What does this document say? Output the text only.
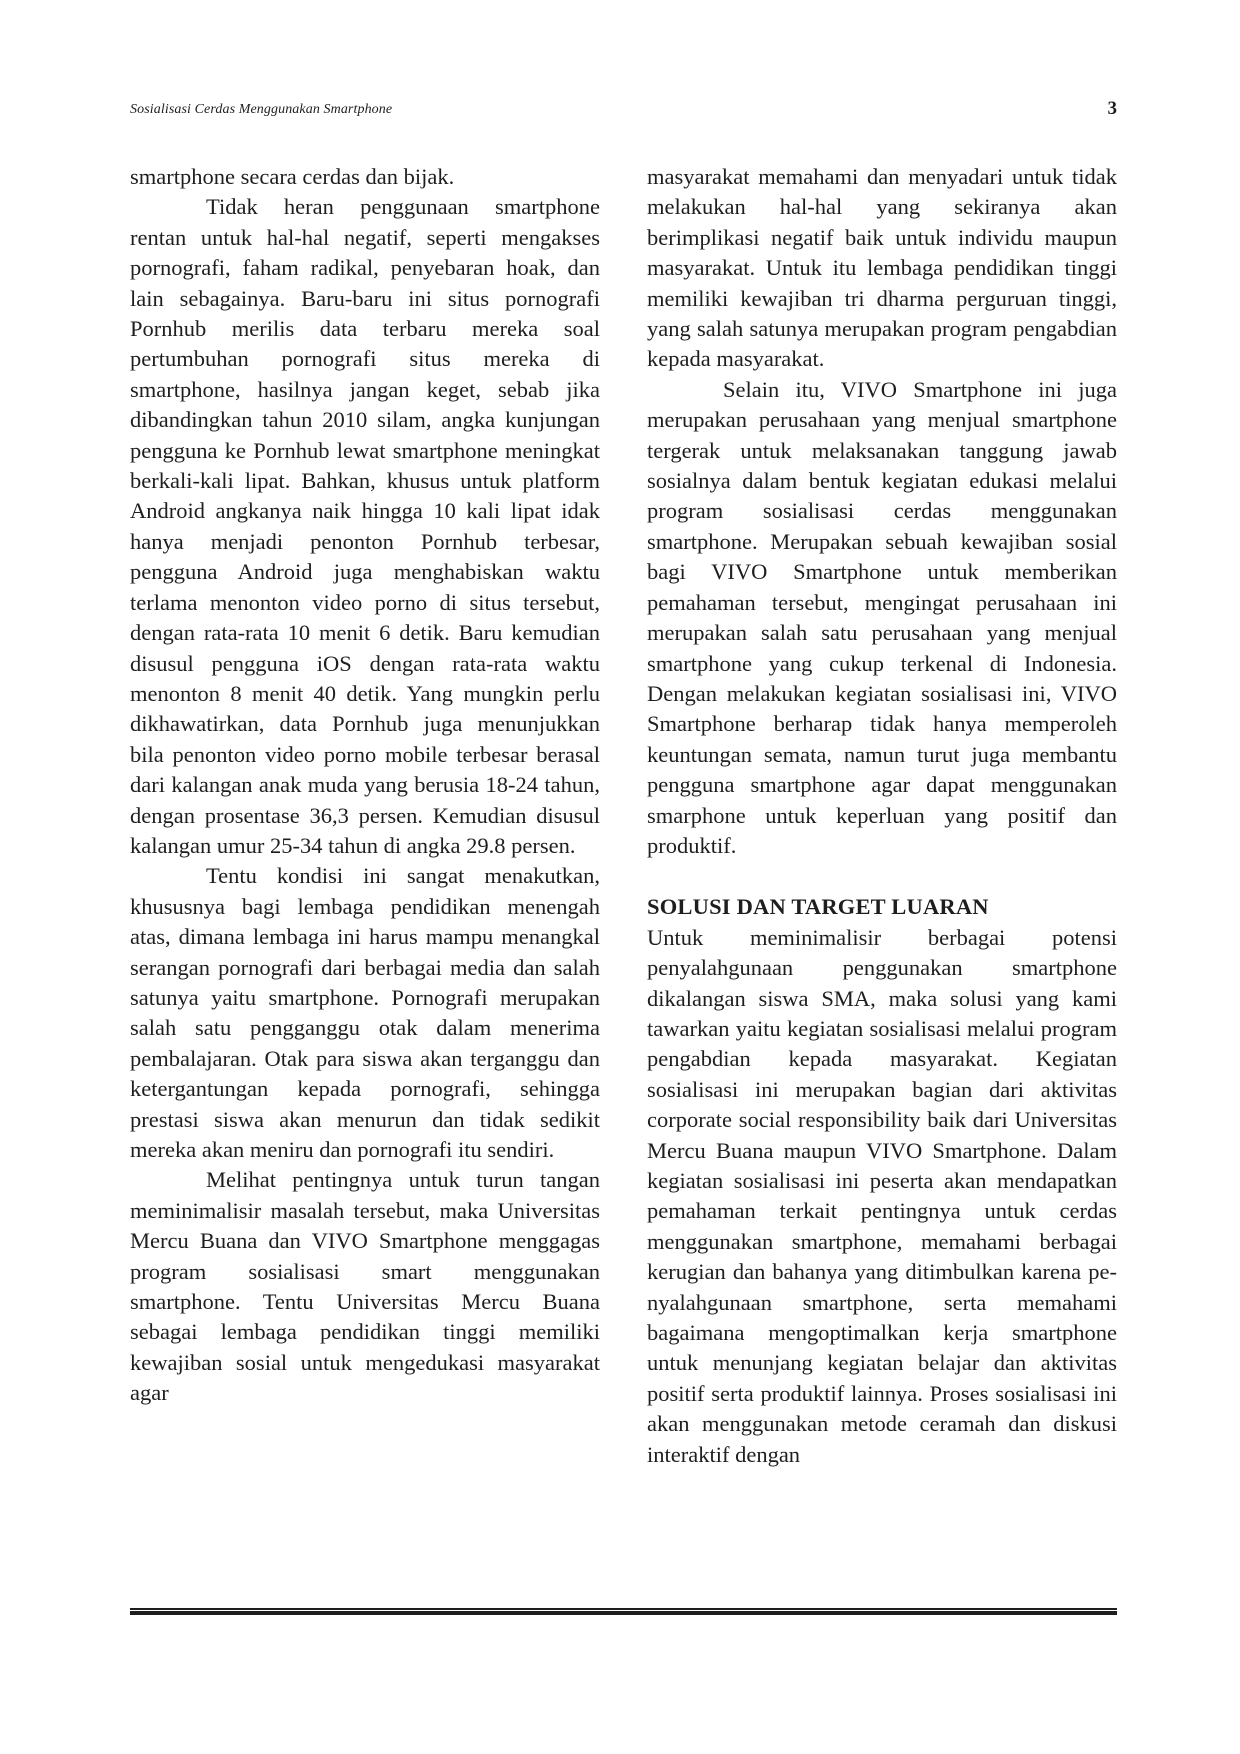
Sosialisasi Cerdas Menggunakan Smartphone	3

smartphone secara cerdas dan bijak.

Tidak heran penggunaan smartphone rentan untuk hal-hal negatif, seperti mengakses pornografi, faham radikal, penyebaran hoak, dan lain sebagainya. Baru-baru ini situs pornografi Pornhub merilis data terbaru mereka soal pertumbuhan pornografi situs mereka di smartphone, hasilnya jangan keget, sebab jika dibandingkan tahun 2010 silam, angka kunjungan pengguna ke Pornhub lewat smartphone meningkat berkali-kali lipat. Bahkan, khusus untuk platform Android angkanya naik hingga 10 kali lipat idak hanya menjadi penonton Pornhub terbesar, pengguna Android juga menghabiskan waktu terlama menonton video porno di situs tersebut, dengan rata-rata 10 menit 6 detik. Baru kemudian disusul pengguna iOS dengan rata-rata waktu menonton 8 menit 40 detik. Yang mungkin perlu dikhawatirkan, data Pornhub juga menunjukkan bila penonton video porno mobile terbesar berasal dari kalangan anak muda yang berusia 18-24 tahun, dengan prosentase 36,3 persen. Kemudian disusul kalangan umur 25-34 tahun di angka 29.8 persen.

Tentu kondisi ini sangat menakutkan, khususnya bagi lembaga pendidikan menengah atas, dimana lembaga ini harus mampu menangkal serangan pornografi dari berbagai media dan salah satunya yaitu smartphone. Pornografi merupakan salah satu pengganggu otak dalam menerima pembalajaran. Otak para siswa akan terganggu dan ketergantungan kepada pornografi, sehingga prestasi siswa akan menurun dan tidak sedikit mereka akan meniru dan pornografi itu sendiri.

Melihat pentingnya untuk turun tangan meminimalisir masalah tersebut, maka Universitas Mercu Buana dan VIVO Smartphone menggagas program sosialisasi smart menggunakan smartphone. Tentu Universitas Mercu Buana sebagai lembaga pendidikan tinggi memiliki kewajiban sosial untuk mengedukasi masyarakat agar

masyarakat memahami dan menyadari untuk tidak melakukan hal-hal yang sekiranya akan berimplikasi negatif baik untuk individu maupun masyarakat. Untuk itu lembaga pendidikan tinggi memiliki kewajiban tri dharma perguruan tinggi, yang salah satunya merupakan program pengabdian kepada masyarakat.

Selain itu, VIVO Smartphone ini juga merupakan perusahaan yang menjual smartphone tergerak untuk melaksanakan tanggung jawab sosialnya dalam bentuk kegiatan edukasi melalui program sosialisasi cerdas menggunakan smartphone. Merupakan sebuah kewajiban sosial bagi VIVO Smartphone untuk memberikan pemahaman tersebut, mengingat perusahaan ini merupakan salah satu perusahaan yang menjual smartphone yang cukup terkenal di Indonesia. Dengan melakukan kegiatan sosialisasi ini, VIVO Smartphone berharap tidak hanya memperoleh keuntungan semata, namun turut juga membantu pengguna smartphone agar dapat menggunakan smarphone untuk keperluan yang positif dan produktif.

SOLUSI DAN TARGET LUARAN

Untuk meminimalisir berbagai potensi penyalahgunaan penggunakan smartphone dikalangan siswa SMA, maka solusi yang kami tawarkan yaitu kegiatan sosialisasi melalui program pengabdian kepada masyarakat. Kegiatan sosialisasi ini merupakan bagian dari aktivitas corporate social responsibility baik dari Universitas Mercu Buana maupun VIVO Smartphone. Dalam kegiatan sosialisasi ini peserta akan mendapatkan pemahaman terkait pentingnya untuk cerdas menggunakan smartphone, memahami berbagai kerugian dan bahanya yang ditimbulkan karena pe-nyalahgunaan smartphone, serta memahami bagaimana mengoptimalkan kerja smartphone untuk menunjang kegiatan belajar dan aktivitas positif serta produktif lainnya. Proses sosialisasi ini akan menggunakan metode ceramah dan diskusi interaktif dengan
